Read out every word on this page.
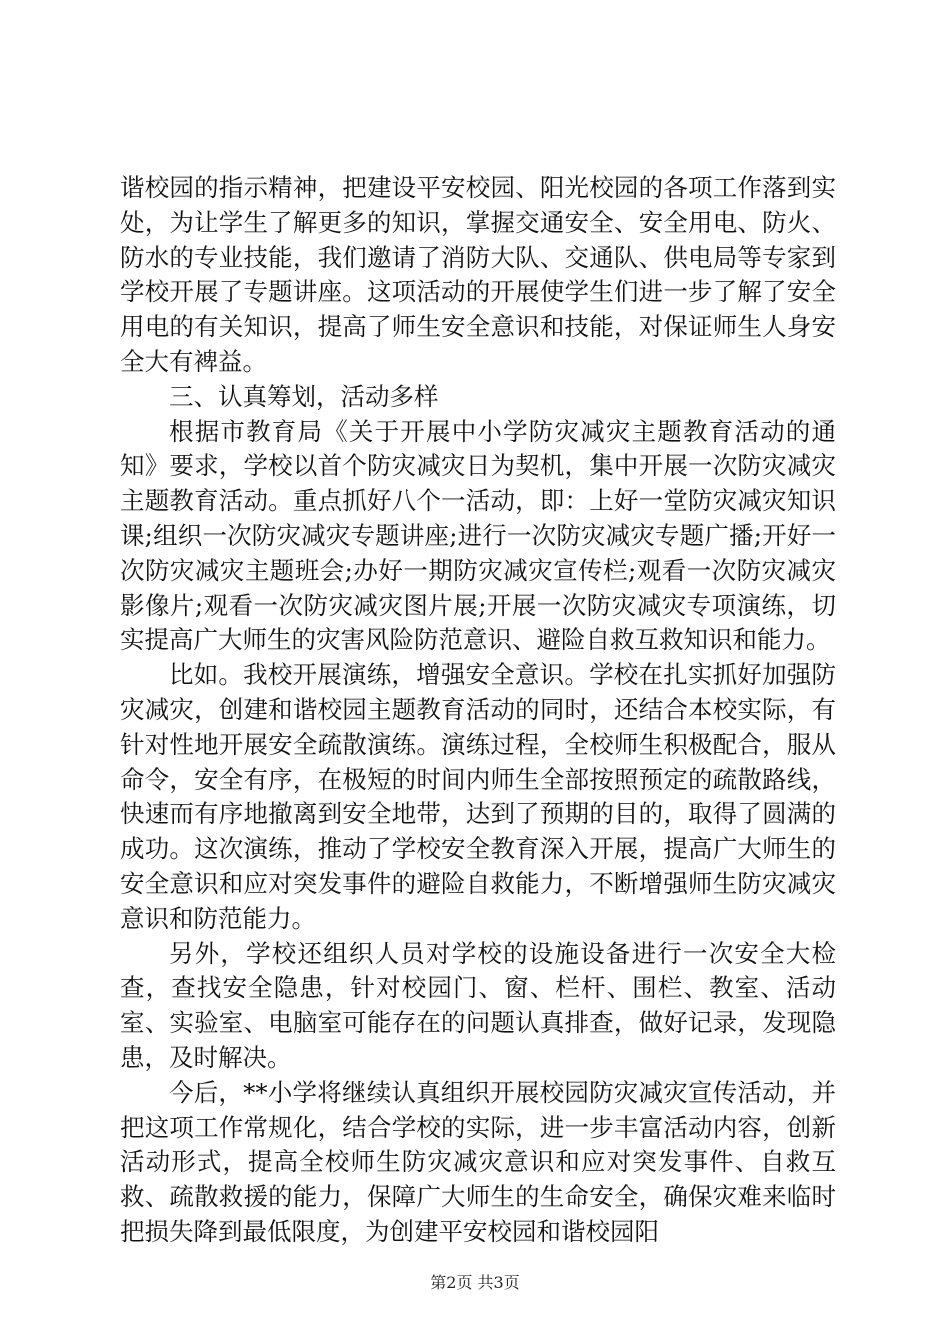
谐校园的指示精神，把建设平安校园、阳光校园的各项工作落到实处，为让学生了解更多的知识，掌握交通安全、安全用电、防火、防水的专业技能，我们邀请了消防大队、交通队、供电局等专家到学校开展了专题讲座。这项活动的开展使学生们进一步了解了安全用电的有关知识，提高了师生安全意识和技能，对保证师生人身安全大有裨益。

三、认真筹划，活动多样

根据市教育局《关于开展中小学防灾减灾主题教育活动的通知》要求，学校以首个防灾减灾日为契机，集中开展一次防灾减灾主题教育活动。重点抓好八个一活动，即：上好一堂防灾减灾知识课;组织一次防灾减灾专题讲座;进行一次防灾减灾专题广播;开好一次防灾减灾主题班会;办好一期防灾减灾宣传栏;观看一次防灾减灾影像片;观看一次防灾减灾图片展;开展一次防灾减灾专项演练，切实提高广大师生的灾害风险防范意识、避险自救互救知识和能力。

比如。我校开展演练，增强安全意识。学校在扎实抓好加强防灾减灾，创建和谐校园主题教育活动的同时，还结合本校实际，有针对性地开展安全疏散演练。演练过程，全校师生积极配合，服从命令，安全有序，在极短的时间内师生全部按照预定的疏散路线，快速而有序地撤离到安全地带，达到了预期的目的，取得了圆满的成功。这次演练，推动了学校安全教育深入开展，提高广大师生的安全意识和应对突发事件的避险自救能力，不断增强师生防灾减灾意识和防范能力。

另外，学校还组织人员对学校的设施设备进行一次安全大检查，查找安全隐患，针对校园门、窗、栏杆、围栏、教室、活动室、实验室、电脑室可能存在的问题认真排查，做好记录，发现隐患，及时解决。

今后，**小学将继续认真组织开展校园防灾减灾宣传活动，并把这项工作常规化，结合学校的实际，进一步丰富活动内容，创新活动形式，提高全校师生防灾减灾意识和应对突发事件、自救互救、疏散救援的能力，保障广大师生的生命安全，确保灾难来临时把损失降到最低限度，为创建平安校园和谐校园阳

第2页 共3页
